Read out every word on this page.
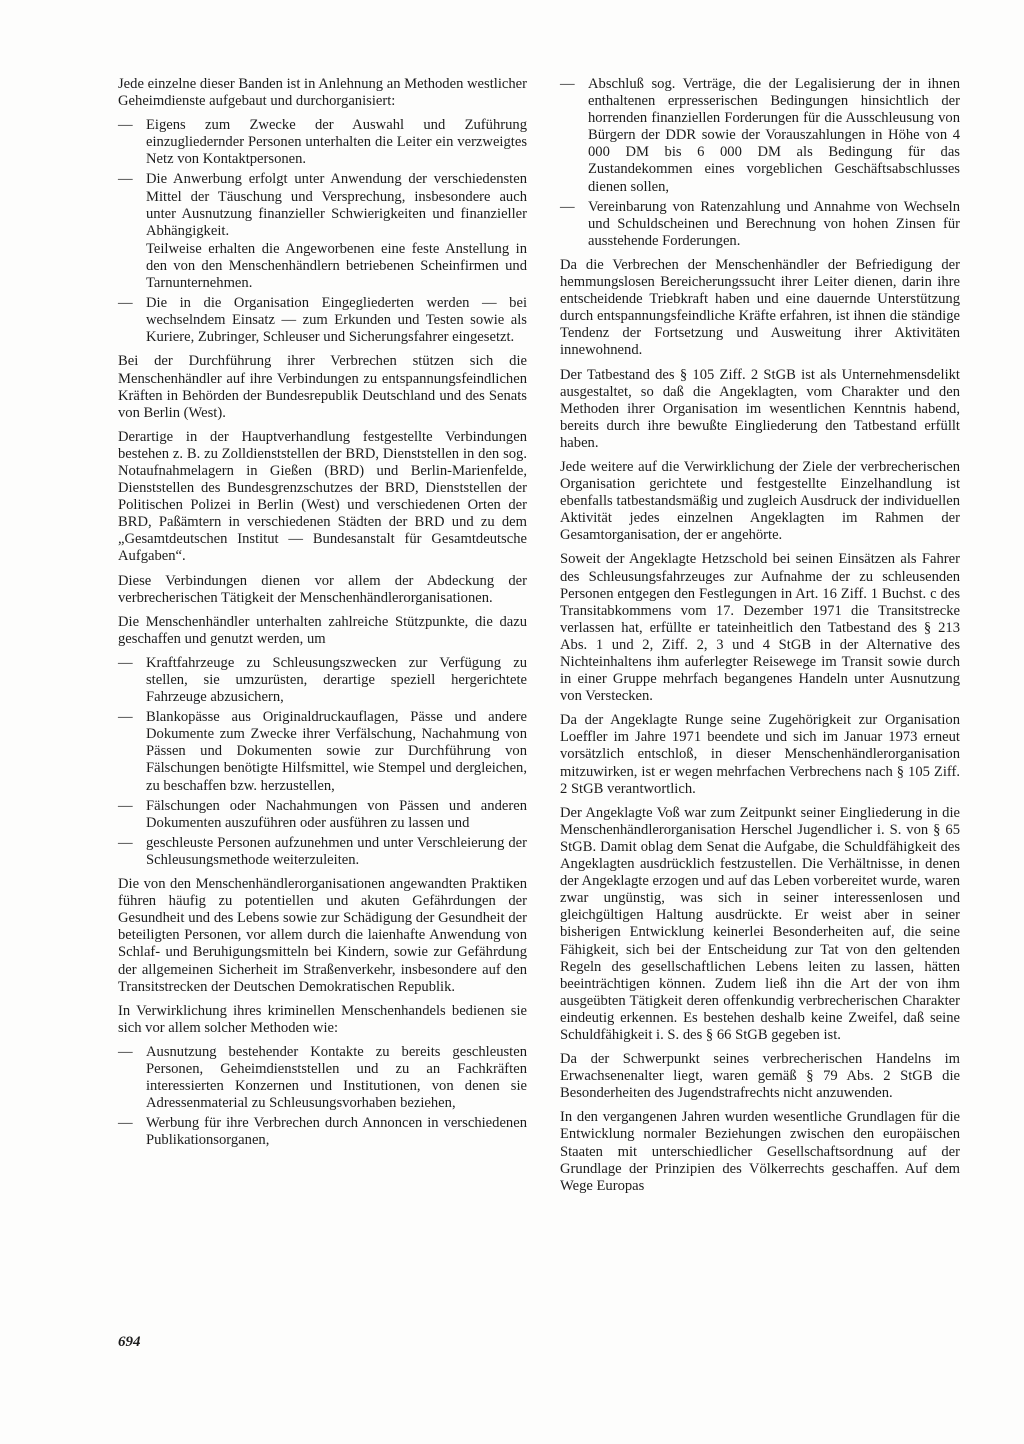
Jede einzelne dieser Banden ist in Anlehnung an Methoden westlicher Geheimdienste aufgebaut und durchorganisiert:

— Eigens zum Zwecke der Auswahl und Zuführung einzugliedernder Personen unterhalten die Leiter ein verzweigtes Netz von Kontaktpersonen.
— Die Anwerbung erfolgt unter Anwendung der verschiedensten Mittel der Täuschung und Versprechung, insbesondere auch unter Ausnutzung finanzieller Schwierigkeiten und finanzieller Abhängigkeit.
Teilweise erhalten die Angeworbenen eine feste Anstellung in den von den Menschenhändlern betriebenen Scheinfirmen und Tarnunternehmen.
— Die in die Organisation Eingegliederten werden — bei wechselndem Einsatz — zum Erkunden und Testen sowie als Kuriere, Zubringer, Schleuser und Sicherungsfahrer eingesetzt.

Bei der Durchführung ihrer Verbrechen stützen sich die Menschenhändler auf ihre Verbindungen zu entspannungsfeindlichen Kräften in Behörden der Bundesrepublik Deutschland und des Senats von Berlin (West).

Derartige in der Hauptverhandlung festgestellte Verbindungen bestehen z. B. zu Zolldienststellen der BRD, Dienststellen in den sog. Notaufnahmelagern in Gießen (BRD) und Berlin-Marienfelde, Dienststellen des Bundesgrenzschutzes der BRD, Dienststellen der Politischen Polizei in Berlin (West) und verschiedenen Orten der BRD, Paßämtern in verschiedenen Städten der BRD und zu dem „Gesamtdeutschen Institut — Bundesanstalt für Gesamtdeutsche Aufgaben“.

Diese Verbindungen dienen vor allem der Abdeckung der verbrecherischen Tätigkeit der Menschenhändlerorganisationen.

Die Menschenhändler unterhalten zahlreiche Stützpunkte, die dazu geschaffen und genutzt werden, um

— Kraftfahrzeuge zu Schleusungszwecken zur Verfügung zu stellen, sie umzurüsten, derartige speziell hergerichtete Fahrzeuge abzusichern,
— Blankopässe aus Originaldruckauflagen, Pässe und andere Dokumente zum Zwecke ihrer Verfälschung, Nachahmung von Pässen und Dokumenten sowie zur Durchführung von Fälschungen benötigte Hilfsmittel, wie Stempel und dergleichen, zu beschaffen bzw. herzustellen,
— Fälschungen oder Nachahmungen von Pässen und anderen Dokumenten auszuführen oder ausführen zu lassen und
— geschleuste Personen aufzunehmen und unter Verschleierung der Schleusungsmethode weiterzuleiten.

Die von den Menschenhändlerorganisationen angewandten Praktiken führen häufig zu potentiellen und akuten Gefährdungen der Gesundheit und des Lebens sowie zur Schädigung der Gesundheit der beteiligten Personen, vor allem durch die laienhafte Anwendung von Schlaf- und Beruhigungsmitteln bei Kindern, sowie zur Gefährdung der allgemeinen Sicherheit im Straßenverkehr, insbesondere auf den Transitstrecken der Deutschen Demokratischen Republik.

In Verwirklichung ihres kriminellen Menschenhandels bedienen sie sich vor allem solcher Methoden wie:

— Ausnutzung bestehender Kontakte zu bereits geschleusten Personen, Geheimdienststellen und zu an Fachkräften interessierten Konzernen und Institutionen, von denen sie Adressenmaterial zu Schleusungsvorhaben beziehen,
— Werbung für ihre Verbrechen durch Annoncen in verschiedenen Publikationsorganen,
— Abschluß sog. Verträge, die der Legalisierung der in ihnen enthaltenen erpresserischen Bedingungen hinsichtlich der horrenden finanziellen Forderungen für die Ausschleusung von Bürgern der DDR sowie der Vorauszahlungen in Höhe von 4 000 DM bis 6 000 DM als Bedingung für das Zustandekommen eines vorgeblichen Geschäftsabschlusses dienen sollen,
— Vereinbarung von Ratenzahlung und Annahme von Wechseln und Schuldscheinen und Berechnung von hohen Zinsen für ausstehende Forderungen.

Da die Verbrechen der Menschenhändler der Befriedigung der hemmungslosen Bereicherungssucht ihrer Leiter dienen, darin ihre entscheidende Triebkraft haben und eine dauernde Unterstützung durch entspannungsfeindliche Kräfte erfahren, ist ihnen die ständige Tendenz der Fortsetzung und Ausweitung ihrer Aktivitäten innewohnend.

Der Tatbestand des § 105 Ziff. 2 StGB ist als Unternehmensdelikt ausgestaltet, so daß die Angeklagten, vom Charakter und den Methoden ihrer Organisation im wesentlichen Kenntnis habend, bereits durch ihre bewußte Eingliederung den Tatbestand erfüllt haben.

Jede weitere auf die Verwirklichung der Ziele der verbrecherischen Organisation gerichtete und festgestellte Einzelhandlung ist ebenfalls tatbestandsmäßig und zugleich Ausdruck der individuellen Aktivität jedes einzelnen Angeklagten im Rahmen der Gesamtorganisation, der er angehörte.

Soweit der Angeklagte Hetzschold bei seinen Einsätzen als Fahrer des Schleusungsfahrzeuges zur Aufnahme der zu schleusenden Personen entgegen den Festlegungen in Art. 16 Ziff. 1 Buchst. c des Transitabkommens vom 17. Dezember 1971 die Transitstrecke verlassen hat, erfüllte er tateinheitlich den Tatbestand des § 213 Abs. 1 und 2, Ziff. 2, 3 und 4 StGB in der Alternative des Nichteinhaltens ihm auferlegter Reisewege im Transit sowie durch in einer Gruppe mehrfach begangenes Handeln unter Ausnutzung von Verstecken.

Da der Angeklagte Runge seine Zugehörigkeit zur Organisation Loeffler im Jahre 1971 beendete und sich im Januar 1973 erneut vorsätzlich entschloß, in dieser Menschenhändlerorganisation mitzuwirken, ist er wegen mehrfachen Verbrechens nach § 105 Ziff. 2 StGB verantwortlich.

Der Angeklagte Voß war zum Zeitpunkt seiner Eingliederung in die Menschenhändlerorganisation Herschel Jugendlicher i. S. von § 65 StGB. Damit oblag dem Senat die Aufgabe, die Schuldfähigkeit des Angeklagten ausdrücklich festzustellen. Die Verhältnisse, in denen der Angeklagte erzogen und auf das Leben vorbereitet wurde, waren zwar ungünstig, was sich in seiner interessenlosen und gleichgültigen Haltung ausdrückte. Er weist aber in seiner bisherigen Entwicklung keinerlei Besonderheiten auf, die seine Fähigkeit, sich bei der Entscheidung zur Tat von den geltenden Regeln des gesellschaftlichen Lebens leiten zu lassen, hätten beeinträchtigen können. Zudem ließ ihn die Art der von ihm ausgeübten Tätigkeit deren offenkundig verbrecherischen Charakter eindeutig erkennen. Es bestehen deshalb keine Zweifel, daß seine Schuldfähigkeit i. S. des § 66 StGB gegeben ist.

Da der Schwerpunkt seines verbrecherischen Handelns im Erwachsenenalter liegt, waren gemäß § 79 Abs. 2 StGB die Besonderheiten des Jugendstrafrechts nicht anzuwenden.

In den vergangenen Jahren wurden wesentliche Grundlagen für die Entwicklung normaler Beziehungen zwischen den europäischen Staaten mit unterschiedlicher Gesellschaftsordnung auf der Grundlage der Prinzipien des Völkerrechts geschaffen. Auf dem Wege Europas

694
